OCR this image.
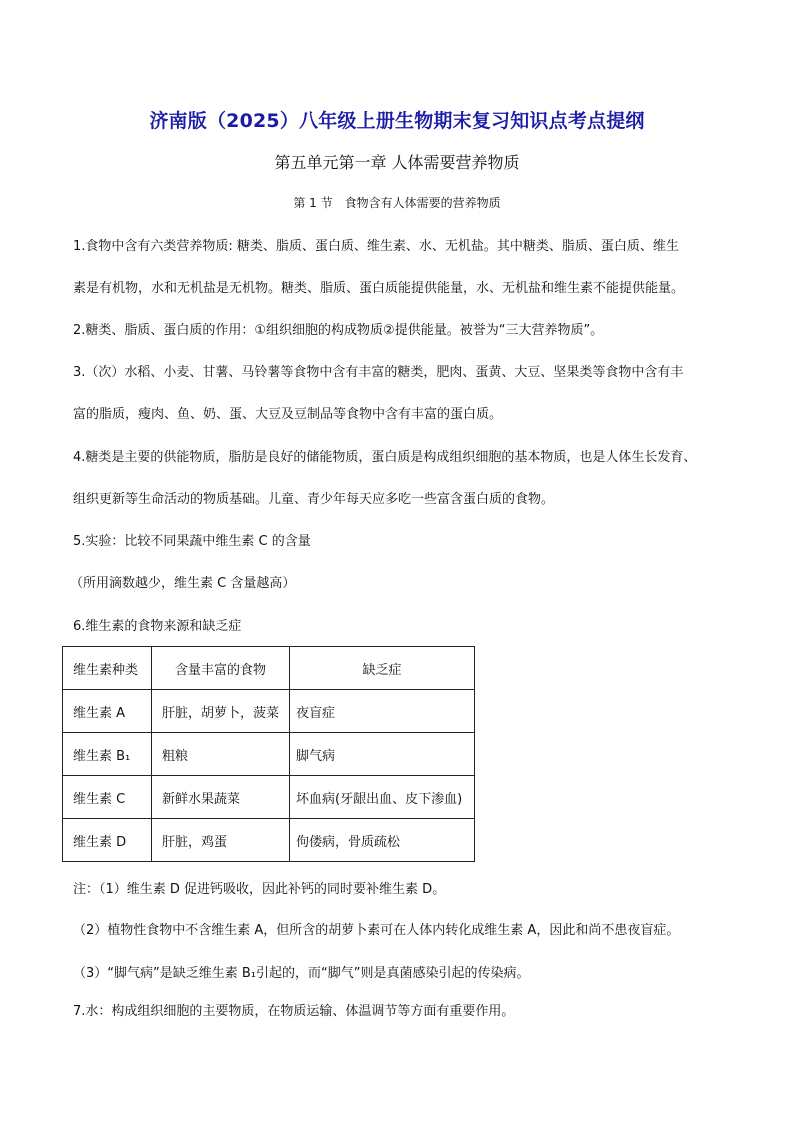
济南版（2025）八年级上册生物期末复习知识点考点提纲
第五单元第一章 人体需要营养物质
第 1 节　食物含有人体需要的营养物质
1.食物中含有六类营养物质: 糖类、脂质、蛋白质、维生素、水、无机盐。其中糖类、脂质、蛋白质、维生
素是有机物，水和无机盐是无机物。糖类、脂质、蛋白质能提供能量，水、无机盐和维生素不能提供能量。
2.糖类、脂质、蛋白质的作用：①组织细胞的构成物质②提供能量。被誉为“三大营养物质”。
3.（次）水稻、小麦、甘薯、马铃薯等食物中含有丰富的糖类，肥肉、蛋黄、大豆、坚果类等食物中含有丰
富的脂质，瘦肉、鱼、奶、蛋、大豆及豆制品等食物中含有丰富的蛋白质。
4.糖类是主要的供能物质，脂肪是良好的储能物质，蛋白质是构成组织细胞的基本物质，也是人体生长发育、
组织更新等生命活动的物质基础。儿童、青少年每天应多吃一些富含蛋白质的食物。
5.实验：比较不同果蔬中维生素 C 的含量
（所用滴数越少，维生素 C 含量越高）
6.维生素的食物来源和缺乏症
维生素种类	含量丰富的食物	缺乏症
维生素 A	肝脏，胡萝卜，菠菜	夜盲症
维生素 B₁	粗粮	脚气病
维生素 C	新鲜水果蔬菜	坏血病(牙龈出血、皮下渗血)
维生素 D	肝脏，鸡蛋	佝偻病，骨质疏松
注：（1）维生素 D 促进钙吸收，因此补钙的同时要补维生素 D。
（2）植物性食物中不含维生素 A，但所含的胡萝卜素可在人体内转化成维生素 A，因此和尚不患夜盲症。
（3）“脚气病”是缺乏维生素 B₁引起的，而“脚气”则是真菌感染引起的传染病。
7.水：构成组织细胞的主要物质，在物质运输、体温调节等方面有重要作用。
